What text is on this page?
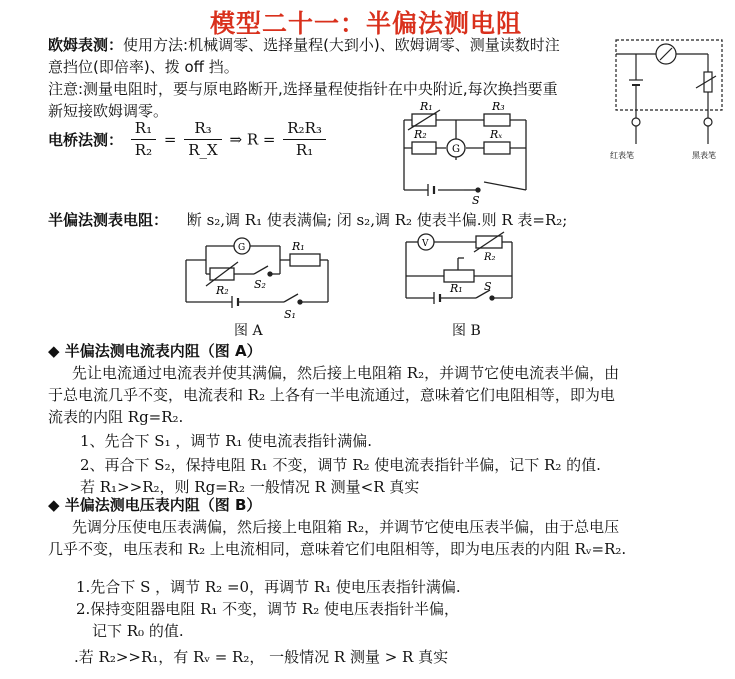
模型二十一：半偏法测电阻
欧姆表测：使用方法:机械调零、选择量程(大到小)、欧姆调零、测量读数时注
意挡位(即倍率)、拨 off 挡。
注意:测量电阻时，要与原电路断开,选择量程使指针在中央附近,每次换挡要重
新短接欧姆调零。
电桥法测： $\frac{\text{R₁}}{\text{R₂}} = \frac{\text{R₃}}{R\_X}$ ⇒ $R = \frac{\text{R₂R₃}}{\text{R₁}}$
半偏法测表电阻： 断 s₂,调 R₁ 使表满偏; 闭 s₂,调 R₂ 使表半偏.则 R 表=R₂;
红表笔	黑表笔
R₁	R₃
R₂
G
Rₓ
S
G
R₂ S₂
R₁
S₁
图 A
V
R₂
R₁ S
图 B
◆ 半偏法测电流表内阻（图 A）
先让电流通过电流表并使其满偏，然后接上电阻箱 R₂，并调节它使电流表半偏，由
于总电流几乎不变，电流表和 R₂ 上各有一半电流通过，意味着它们电阻相等，即为电
流表的内阻 Rg=R₂.
1、先合下 S₁ ，调节 R₁ 使电流表指针满偏.
2、再合下 S₂，保持电阻 R₁ 不变，调节 R₂ 使电流表指针半偏，记下 R₂ 的值.
若 R₁>>R₂，则 Rg=R₂ 一般情况 R 测量<R 真实
◆ 半偏法测电压表内阻（图 B）
先调分压使电压表满偏，然后接上电阻箱 R₂，并调节它使电压表半偏，由于总电压
几乎不变，电压表和 R₂ 上电流相同，意味着它们电阻相等，即为电压表的内阻 Rᵥ=R₂.
1.先合下 S ，调节 R₂ =0，再调节 R₁ 使电压表指针满偏.
2.保持变阻器电阻 R₁ 不变，调节 R₂ 使电压表指针半偏，
记下 R₀ 的值.
.若 R₂>>R₁，有 Rᵥ = R₂， 一般情况 R 测量 > R 真实
